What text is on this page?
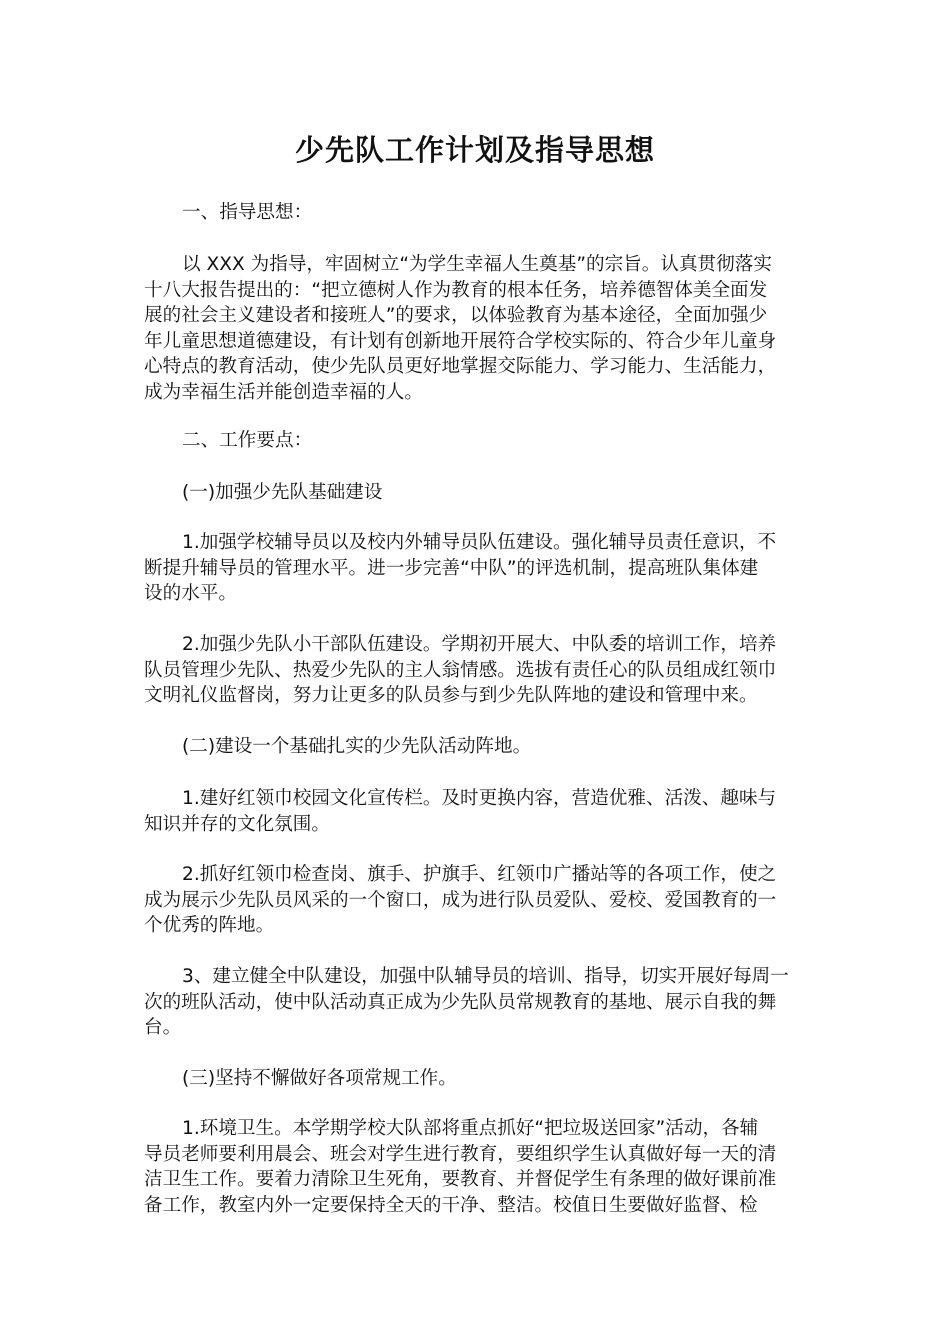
少先队工作计划及指导思想
一、指导思想：
以 XXX 为指导，牢固树立“为学生幸福人生奠基”的宗旨。认真贯彻落实
十八大报告提出的：“把立德树人作为教育的根本任务，培养德智体美全面发
展的社会主义建设者和接班人”的要求，以体验教育为基本途径，全面加强少
年儿童思想道德建设，有计划有创新地开展符合学校实际的、符合少年儿童身
心特点的教育活动，使少先队员更好地掌握交际能力、学习能力、生活能力，
成为幸福生活并能创造幸福的人。
二、工作要点：
(一)加强少先队基础建设
1.加强学校辅导员以及校内外辅导员队伍建设。强化辅导员责任意识，不
断提升辅导员的管理水平。进一步完善“中队”的评选机制，提高班队集体建
设的水平。
2.加强少先队小干部队伍建设。学期初开展大、中队委的培训工作，培养
队员管理少先队、热爱少先队的主人翁情感。选拔有责任心的队员组成红领巾
文明礼仪监督岗，努力让更多的队员参与到少先队阵地的建设和管理中来。
(二)建设一个基础扎实的少先队活动阵地。
1.建好红领巾校园文化宣传栏。及时更换内容，营造优雅、活泼、趣味与
知识并存的文化氛围。
2.抓好红领巾检查岗、旗手、护旗手、红领巾广播站等的各项工作，使之
成为展示少先队员风采的一个窗口，成为进行队员爱队、爱校、爱国教育的一
个优秀的阵地。
3、建立健全中队建设，加强中队辅导员的培训、指导，切实开展好每周一
次的班队活动，使中队活动真正成为少先队员常规教育的基地、展示自我的舞
台。
(三)坚持不懈做好各项常规工作。
1.环境卫生。本学期学校大队部将重点抓好“把垃圾送回家”活动，各辅
导员老师要利用晨会、班会对学生进行教育，要组织学生认真做好每一天的清
洁卫生工作。要着力清除卫生死角，要教育、并督促学生有条理的做好课前准
备工作，教室内外一定要保持全天的干净、整洁。校值日生要做好监督、检
